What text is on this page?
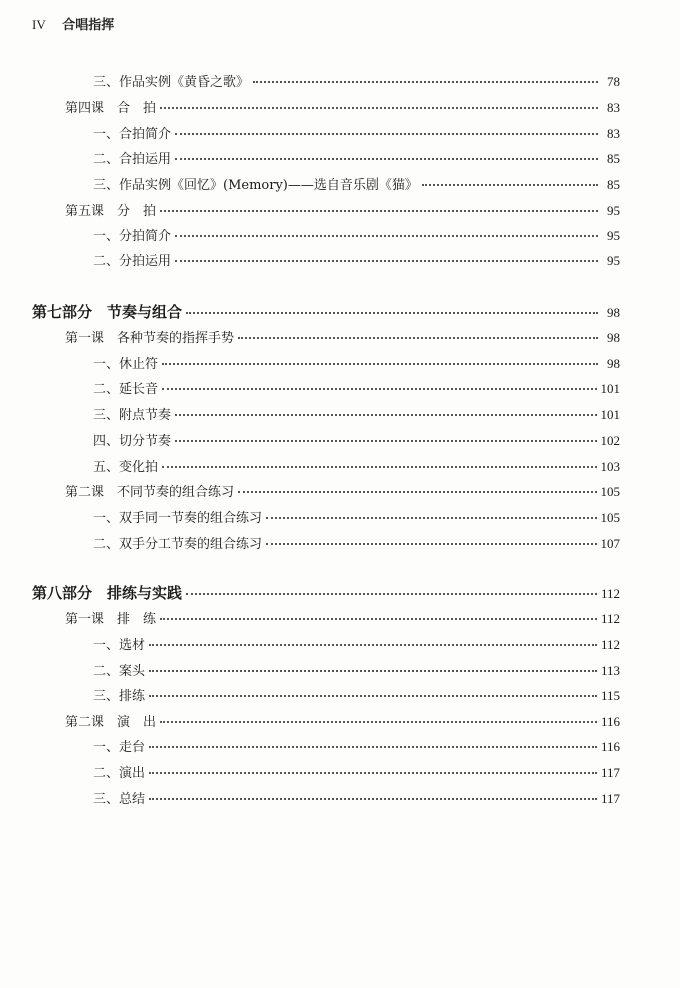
IV 合唱指挥
三、作品实例《黄昏之歌》	78
第四课　合　拍	83
一、合拍简介	83
二、合拍运用	85
三、作品实例《回忆》(Memory)——选自音乐剧《猫》	85
第五课　分　拍	95
一、分拍简介	95
二、分拍运用	95
第七部分　节奏与组合	98
第一课　各种节奏的指挥手势	98
一、休止符	98
二、延长音	101
三、附点节奏	101
四、切分节奏	102
五、变化拍	103
第二课　不同节奏的组合练习	105
一、双手同一节奏的组合练习	105
二、双手分工节奏的组合练习	107
第八部分　排练与实践	112
第一课　排　练	112
一、选材	112
二、案头	113
三、排练	115
第二课　演　出	116
一、走台	116
二、演出	117
三、总结	117
